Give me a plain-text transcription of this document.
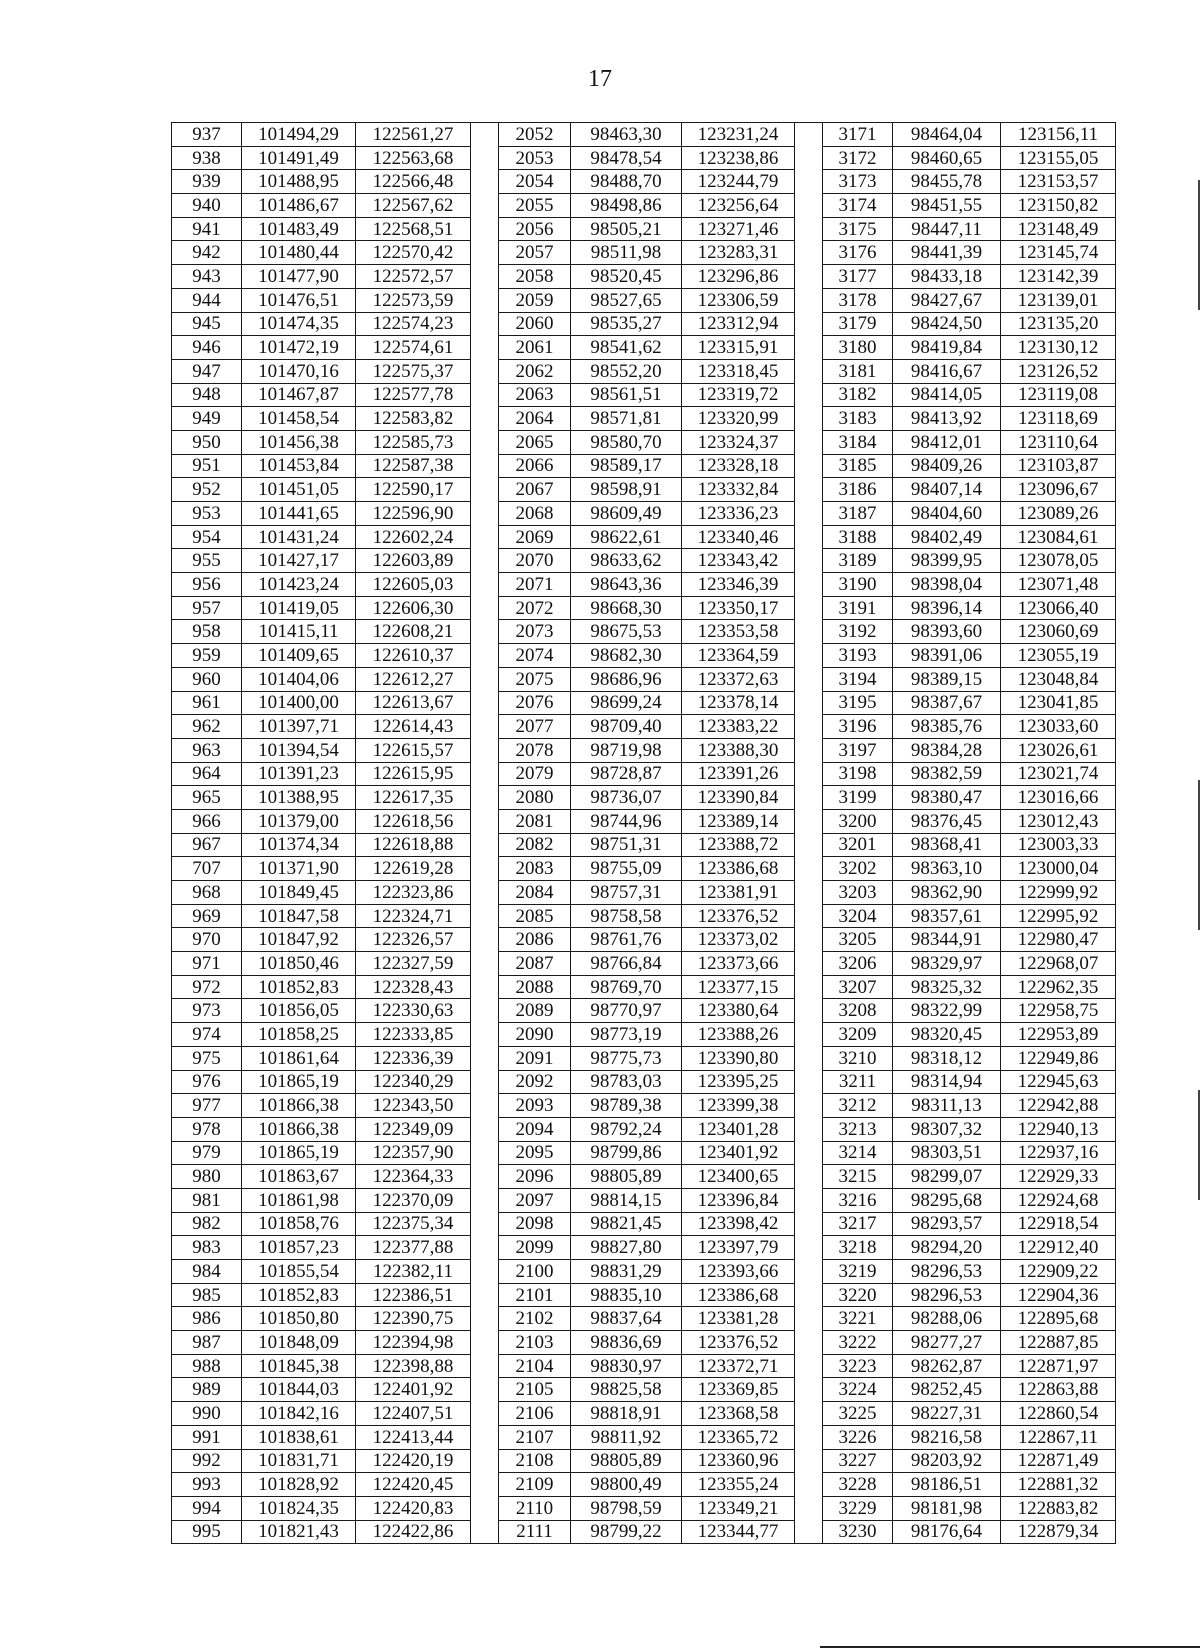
17
937	101494,29	122561,27		2052	98463,30	123231,24		3171	98464,04	123156,11
938	101491,49	122563,68		2053	98478,54	123238,86		3172	98460,65	123155,05
939	101488,95	122566,48		2054	98488,70	123244,79		3173	98455,78	123153,57
940	101486,67	122567,62		2055	98498,86	123256,64		3174	98451,55	123150,82
941	101483,49	122568,51		2056	98505,21	123271,46		3175	98447,11	123148,49
942	101480,44	122570,42		2057	98511,98	123283,31		3176	98441,39	123145,74
943	101477,90	122572,57		2058	98520,45	123296,86		3177	98433,18	123142,39
944	101476,51	122573,59		2059	98527,65	123306,59		3178	98427,67	123139,01
945	101474,35	122574,23		2060	98535,27	123312,94		3179	98424,50	123135,20
946	101472,19	122574,61		2061	98541,62	123315,91		3180	98419,84	123130,12
947	101470,16	122575,37		2062	98552,20	123318,45		3181	98416,67	123126,52
948	101467,87	122577,78		2063	98561,51	123319,72		3182	98414,05	123119,08
949	101458,54	122583,82		2064	98571,81	123320,99		3183	98413,92	123118,69
950	101456,38	122585,73		2065	98580,70	123324,37		3184	98412,01	123110,64
951	101453,84	122587,38		2066	98589,17	123328,18		3185	98409,26	123103,87
952	101451,05	122590,17		2067	98598,91	123332,84		3186	98407,14	123096,67
953	101441,65	122596,90		2068	98609,49	123336,23		3187	98404,60	123089,26
954	101431,24	122602,24		2069	98622,61	123340,46		3188	98402,49	123084,61
955	101427,17	122603,89		2070	98633,62	123343,42		3189	98399,95	123078,05
956	101423,24	122605,03		2071	98643,36	123346,39		3190	98398,04	123071,48
957	101419,05	122606,30		2072	98668,30	123350,17		3191	98396,14	123066,40
958	101415,11	122608,21		2073	98675,53	123353,58		3192	98393,60	123060,69
959	101409,65	122610,37		2074	98682,30	123364,59		3193	98391,06	123055,19
960	101404,06	122612,27		2075	98686,96	123372,63		3194	98389,15	123048,84
961	101400,00	122613,67		2076	98699,24	123378,14		3195	98387,67	123041,85
962	101397,71	122614,43		2077	98709,40	123383,22		3196	98385,76	123033,60
963	101394,54	122615,57		2078	98719,98	123388,30		3197	98384,28	123026,61
964	101391,23	122615,95		2079	98728,87	123391,26		3198	98382,59	123021,74
965	101388,95	122617,35		2080	98736,07	123390,84		3199	98380,47	123016,66
966	101379,00	122618,56		2081	98744,96	123389,14		3200	98376,45	123012,43
967	101374,34	122618,88		2082	98751,31	123388,72		3201	98368,41	123003,33
707	101371,90	122619,28		2083	98755,09	123386,68		3202	98363,10	123000,04
968	101849,45	122323,86		2084	98757,31	123381,91		3203	98362,90	122999,92
969	101847,58	122324,71		2085	98758,58	123376,52		3204	98357,61	122995,92
970	101847,92	122326,57		2086	98761,76	123373,02		3205	98344,91	122980,47
971	101850,46	122327,59		2087	98766,84	123373,66		3206	98329,97	122968,07
972	101852,83	122328,43		2088	98769,70	123377,15		3207	98325,32	122962,35
973	101856,05	122330,63		2089	98770,97	123380,64		3208	98322,99	122958,75
974	101858,25	122333,85		2090	98773,19	123388,26		3209	98320,45	122953,89
975	101861,64	122336,39		2091	98775,73	123390,80		3210	98318,12	122949,86
976	101865,19	122340,29		2092	98783,03	123395,25		3211	98314,94	122945,63
977	101866,38	122343,50		2093	98789,38	123399,38		3212	98311,13	122942,88
978	101866,38	122349,09		2094	98792,24	123401,28		3213	98307,32	122940,13
979	101865,19	122357,90		2095	98799,86	123401,92		3214	98303,51	122937,16
980	101863,67	122364,33		2096	98805,89	123400,65		3215	98299,07	122929,33
981	101861,98	122370,09		2097	98814,15	123396,84		3216	98295,68	122924,68
982	101858,76	122375,34		2098	98821,45	123398,42		3217	98293,57	122918,54
983	101857,23	122377,88		2099	98827,80	123397,79		3218	98294,20	122912,40
984	101855,54	122382,11		2100	98831,29	123393,66		3219	98296,53	122909,22
985	101852,83	122386,51		2101	98835,10	123386,68		3220	98296,53	122904,36
986	101850,80	122390,75		2102	98837,64	123381,28		3221	98288,06	122895,68
987	101848,09	122394,98		2103	98836,69	123376,52		3222	98277,27	122887,85
988	101845,38	122398,88		2104	98830,97	123372,71		3223	98262,87	122871,97
989	101844,03	122401,92		2105	98825,58	123369,85		3224	98252,45	122863,88
990	101842,16	122407,51		2106	98818,91	123368,58		3225	98227,31	122860,54
991	101838,61	122413,44		2107	98811,92	123365,72		3226	98216,58	122867,11
992	101831,71	122420,19		2108	98805,89	123360,96		3227	98203,92	122871,49
993	101828,92	122420,45		2109	98800,49	123355,24		3228	98186,51	122881,32
994	101824,35	122420,83		2110	98798,59	123349,21		3229	98181,98	122883,82
995	101821,43	122422,86		2111	98799,22	123344,77		3230	98176,64	122879,34
